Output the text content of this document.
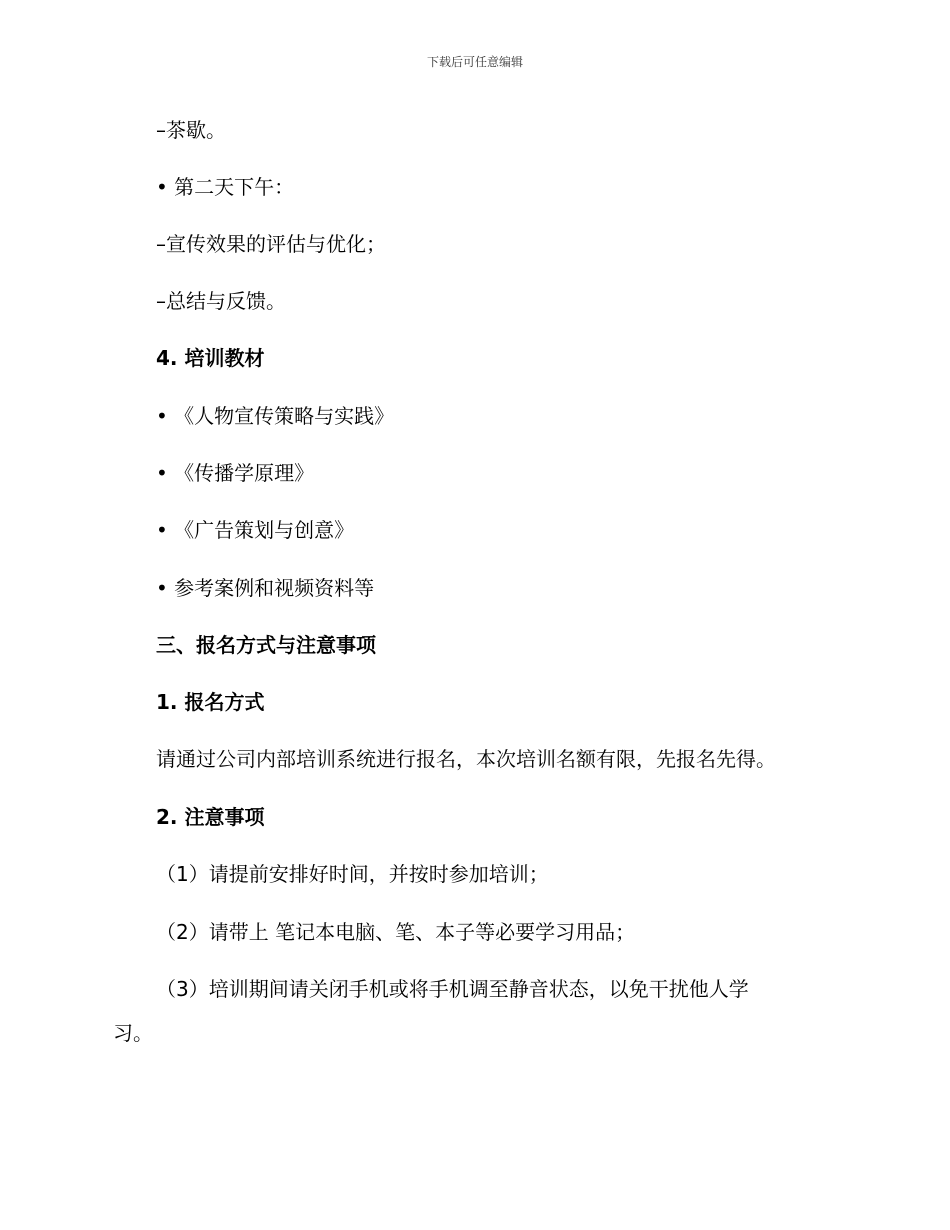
下载后可任意编辑
–茶歇。
• 第二天下午：
–宣传效果的评估与优化；
–总结与反馈。
4. 培训教材
• 《人物宣传策略与实践》
• 《传播学原理》
• 《广告策划与创意》
• 参考案例和视频资料等
三、报名方式与注意事项
1. 报名方式
请通过公司内部培训系统进行报名，本次培训名额有限，先报名先得。
2. 注意事项
（1）请提前安排好时间，并按时参加培训；
（2）请带上 笔记本电脑、笔、本子等必要学习用品；
（3）培训期间请关闭手机或将手机调至静音状态，以免干扰他人学
习。
